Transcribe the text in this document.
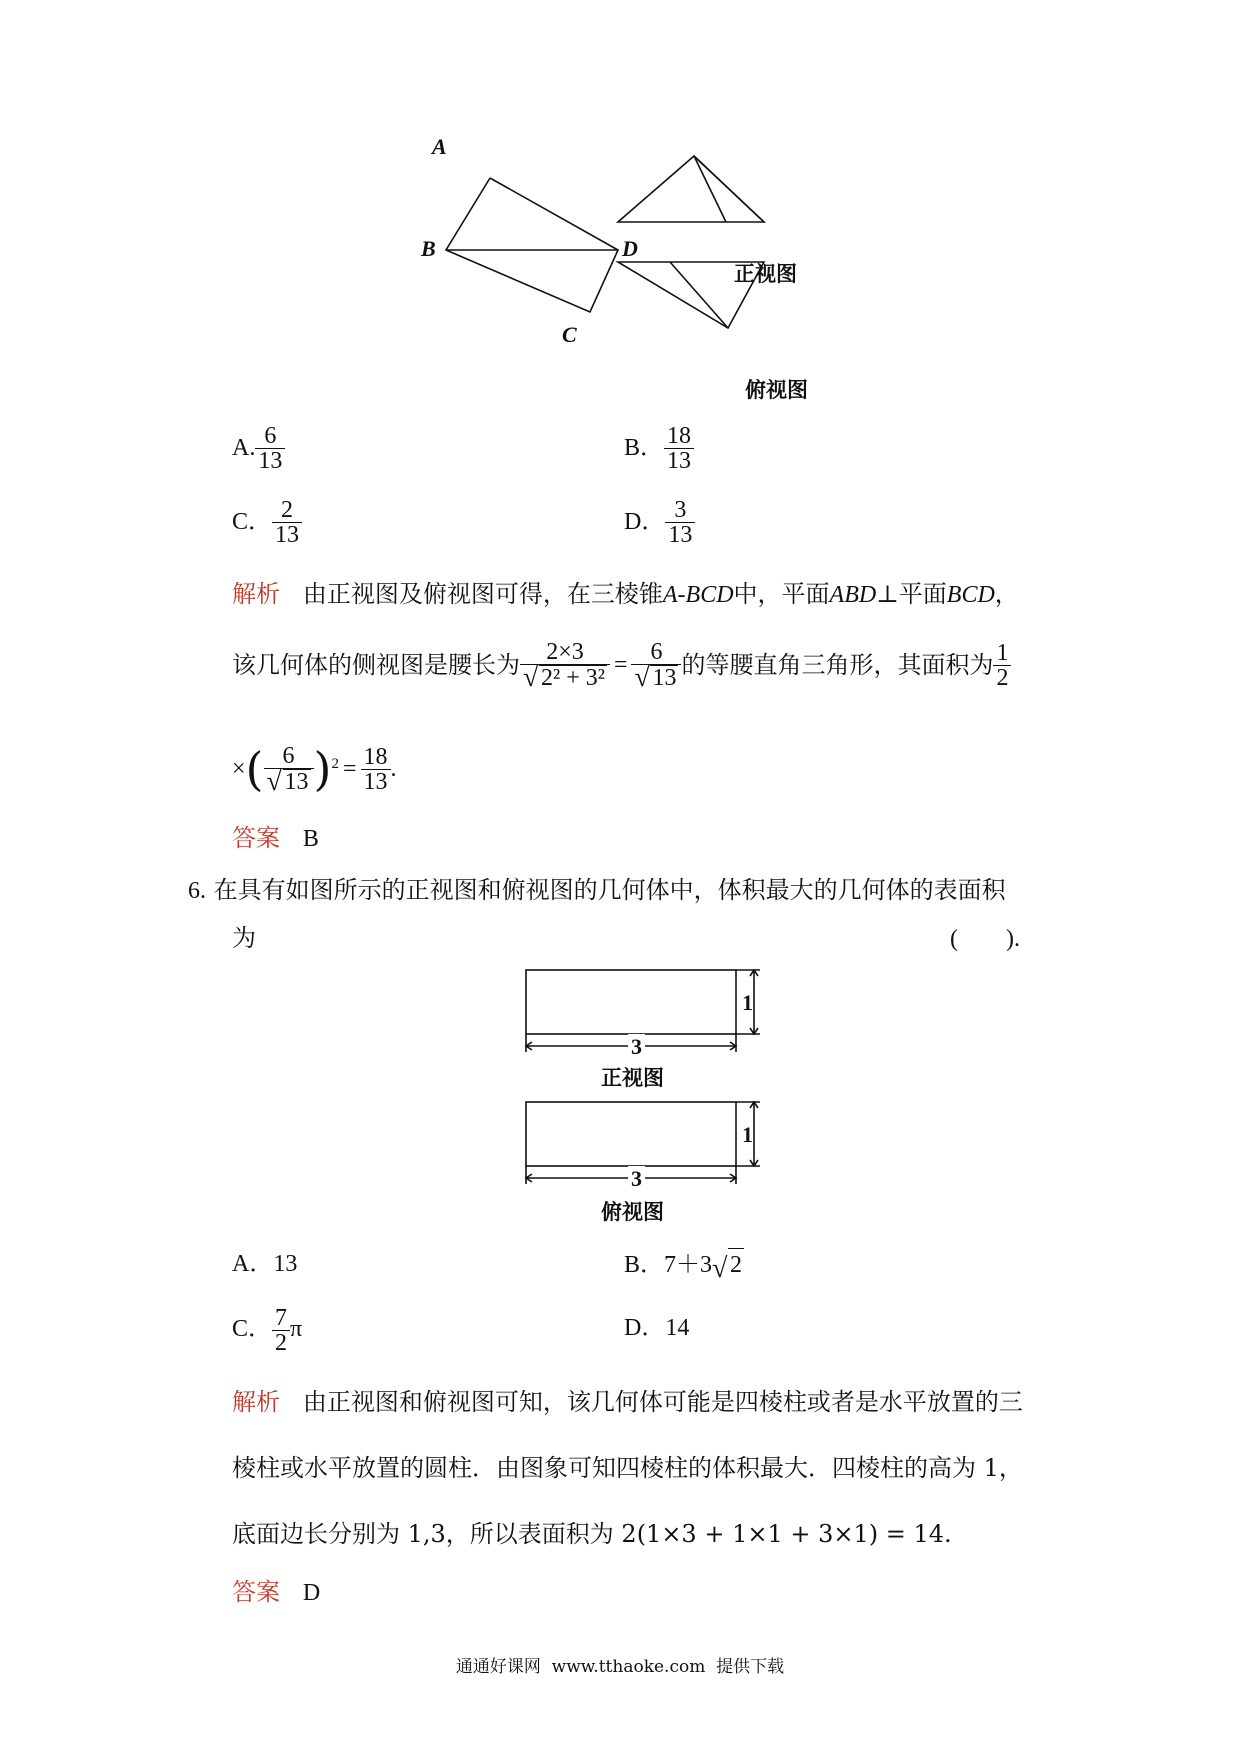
A
B	D
C
正视图
俯视图
A. $\frac{6}{13}$	B． $\frac{18}{13}$
C． $\frac{2}{13}$	D． $\frac{3}{13}$
解析 由正视图及俯视图可得，在三棱锥A-BCD中，平面ABD⊥平面BCD，
该几何体的侧视图是腰长为 $\frac{2\times 3}{\text{√ 2² + 3²}} = \frac{6}{√ 13}$ 的等腰直角三角形，其面积为 $\frac{1}{2}$
× ( $\frac{6}{√ 13}$ ) $2 = \frac{18}{13}$ .
答案 B
6. 在具有如图所示的正视图和俯视图的几何体中，体积最大的几何体的表面积
为	(　　).
1
3
正视图
1
3
俯视图
A．13	B．7＋3 √ 2
C． $\frac{7}{2}$ π	D．14
解析 由正视图和俯视图可知，该几何体可能是四棱柱或者是水平放置的三
棱柱或水平放置的圆柱．由图象可知四棱柱的体积最大．四棱柱的高为 1，
底面边长分别为 1,3，所以表面积为 2(1×3 + 1×1 + 3×1) = 14.
答案 D
通通好课网  www.tthaoke.com  提供下载
